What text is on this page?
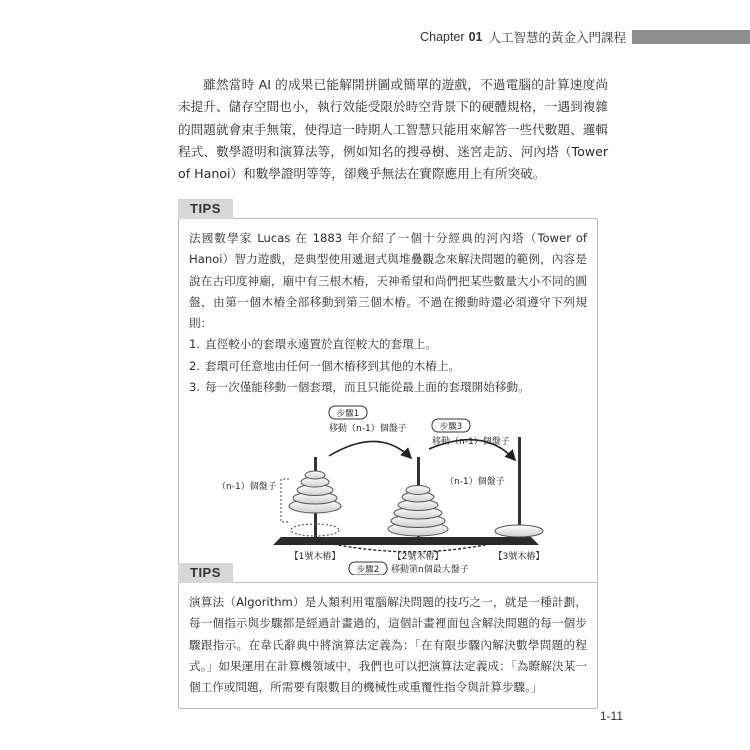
Chapter 01 人工智慧的黃金入門課程

雖然當時 AI 的成果已能解開拼圖或簡單的遊戲，不過電腦的計算速度尚未提升、儲存空間也小，執行效能受限於時空背景下的硬體規格，一遇到複雜的問題就會束手無策，使得這一時期人工智慧只能用來解答一些代數題、邏輯程式、數學證明和演算法等，例如知名的搜尋樹、迷宮走訪、河內塔（Tower of Hanoi）和數學證明等等，卻幾乎無法在實際應用上有所突破。

TIPS

法國數學家 Lucas 在 1883 年介紹了一個十分經典的河內塔（Tower of Hanoi）智力遊戲，是典型使用遞迴式與堆疊觀念來解決問題的範例，內容是說在古印度神廟，廟中有三根木樁，天神希望和尚們把某些數量大小不同的圓盤，由第一個木樁全部移動到第三個木樁。不過在搬動時還必須遵守下列規則：

1. 直徑較小的套環永遠置於直徑較大的套環上。
2. 套環可任意地由任何一個木樁移到其他的木樁上。
3. 每一次僅能移動一個套環，而且只能從最上面的套環開始移動。
步驟1
移動（n-1）個盤子	步驟3
移動（n-1）個盤子
（n-1）個盤子	（n-1）個盤子
【1號木樁】	【2號木樁】	【3號木樁】
步驟2 移動第n個最大盤子
TIPS

演算法（Algorithm）是人類利用電腦解決問題的技巧之一，就是一種計劃，每一個指示與步驟都是經過計畫過的，這個計畫裡面包含解決問題的每一個步驟跟指示。在韋氏辭典中將演算法定義為：「在有限步驟內解決數學問題的程式。」如果運用在計算機領域中，我們也可以把演算法定義成：「為瞭解決某一個工作或問題，所需要有限數目的機械性或重覆性指令與計算步驟。」

1-11
